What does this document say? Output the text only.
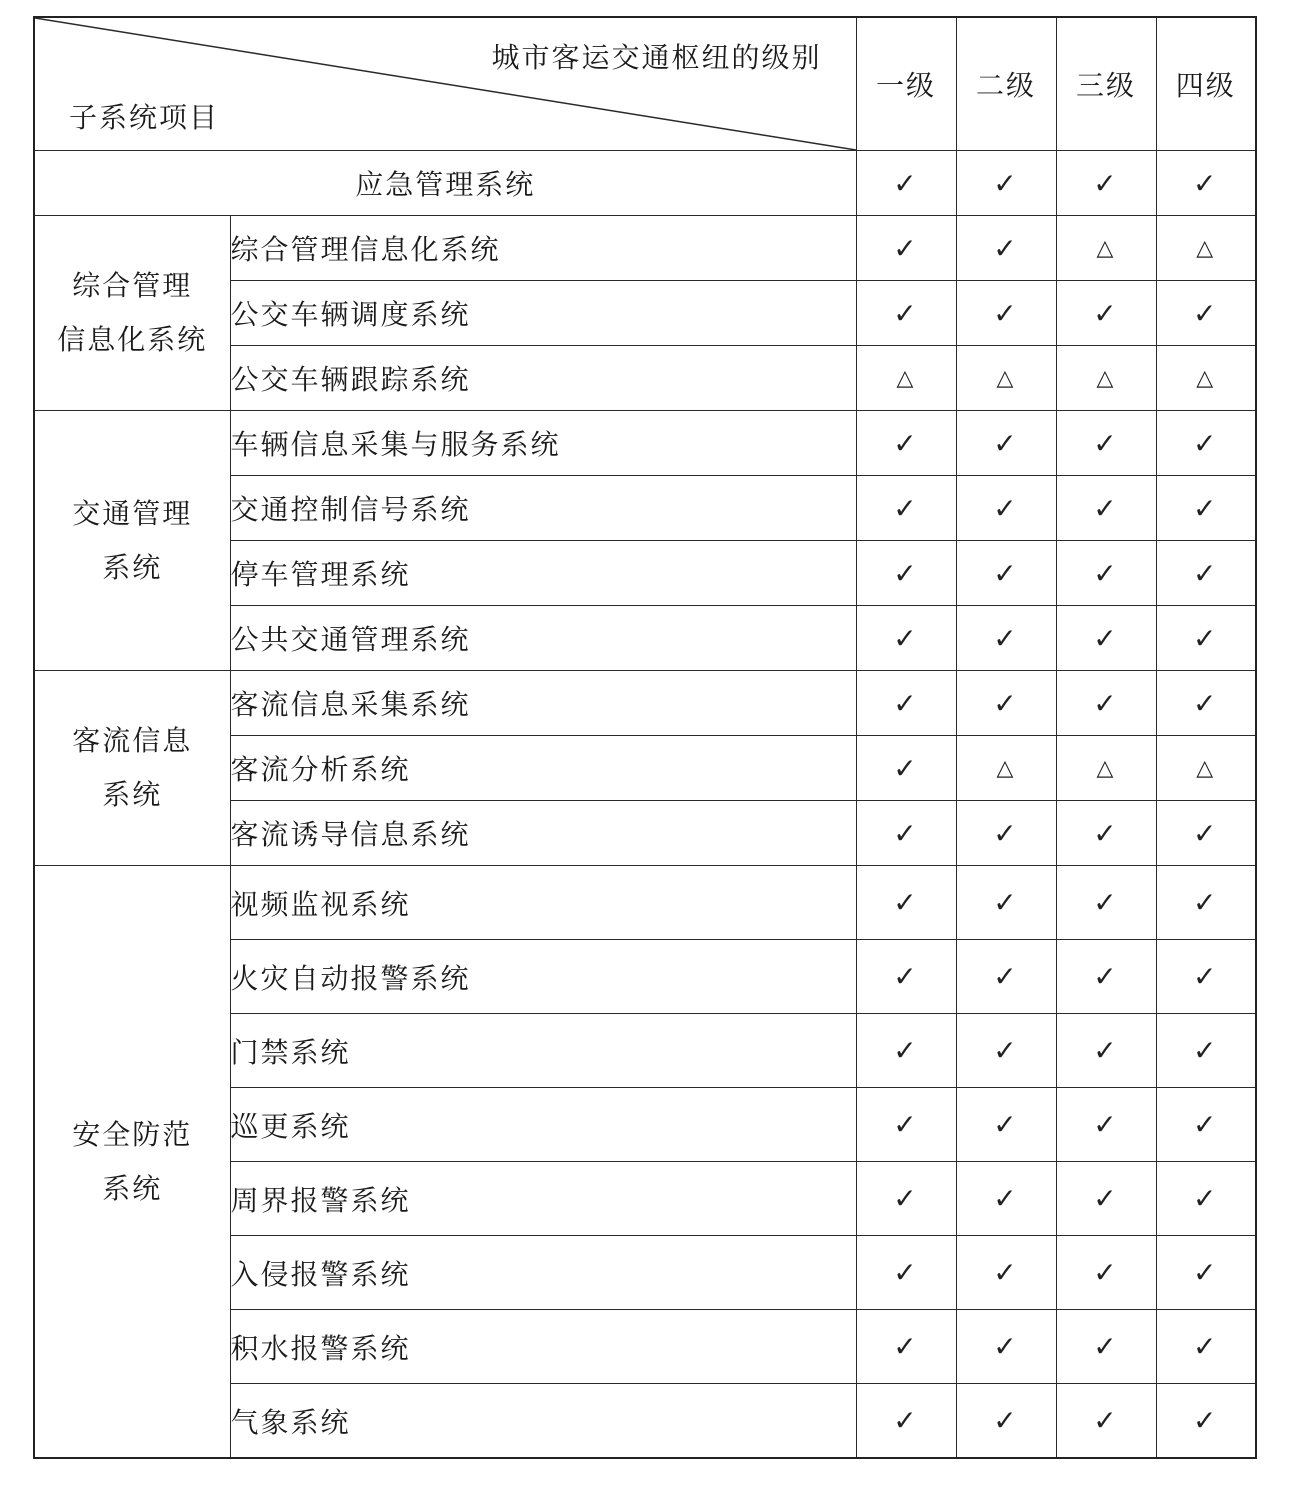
城市客运交通枢纽的级别
子系统项目		一级	二级	三级	四级
应急管理系统		✓	✓	✓	✓

综合管理
信息化系统	综合管理信息化系统	✓	✓	△	△
	公交车辆调度系统	✓	✓	✓	✓
	公交车辆跟踪系统	△	△	△	△

交通管理
系统	车辆信息采集与服务系统	✓	✓	✓	✓
	交通控制信号系统	✓	✓	✓	✓
	停车管理系统	✓	✓	✓	✓
	公共交通管理系统	✓	✓	✓	✓

客流信息
系统	客流信息采集系统	✓	✓	✓	✓
	客流分析系统	✓	△	△	△
	客流诱导信息系统	✓	✓	✓	✓

安全防范
系统	视频监视系统	✓	✓	✓	✓
	火灾自动报警系统	✓	✓	✓	✓
	门禁系统	✓	✓	✓	✓
	巡更系统	✓	✓	✓	✓
	周界报警系统	✓	✓	✓	✓
	入侵报警系统	✓	✓	✓	✓
	积水报警系统	✓	✓	✓	✓
	气象系统	✓	✓	✓	✓
